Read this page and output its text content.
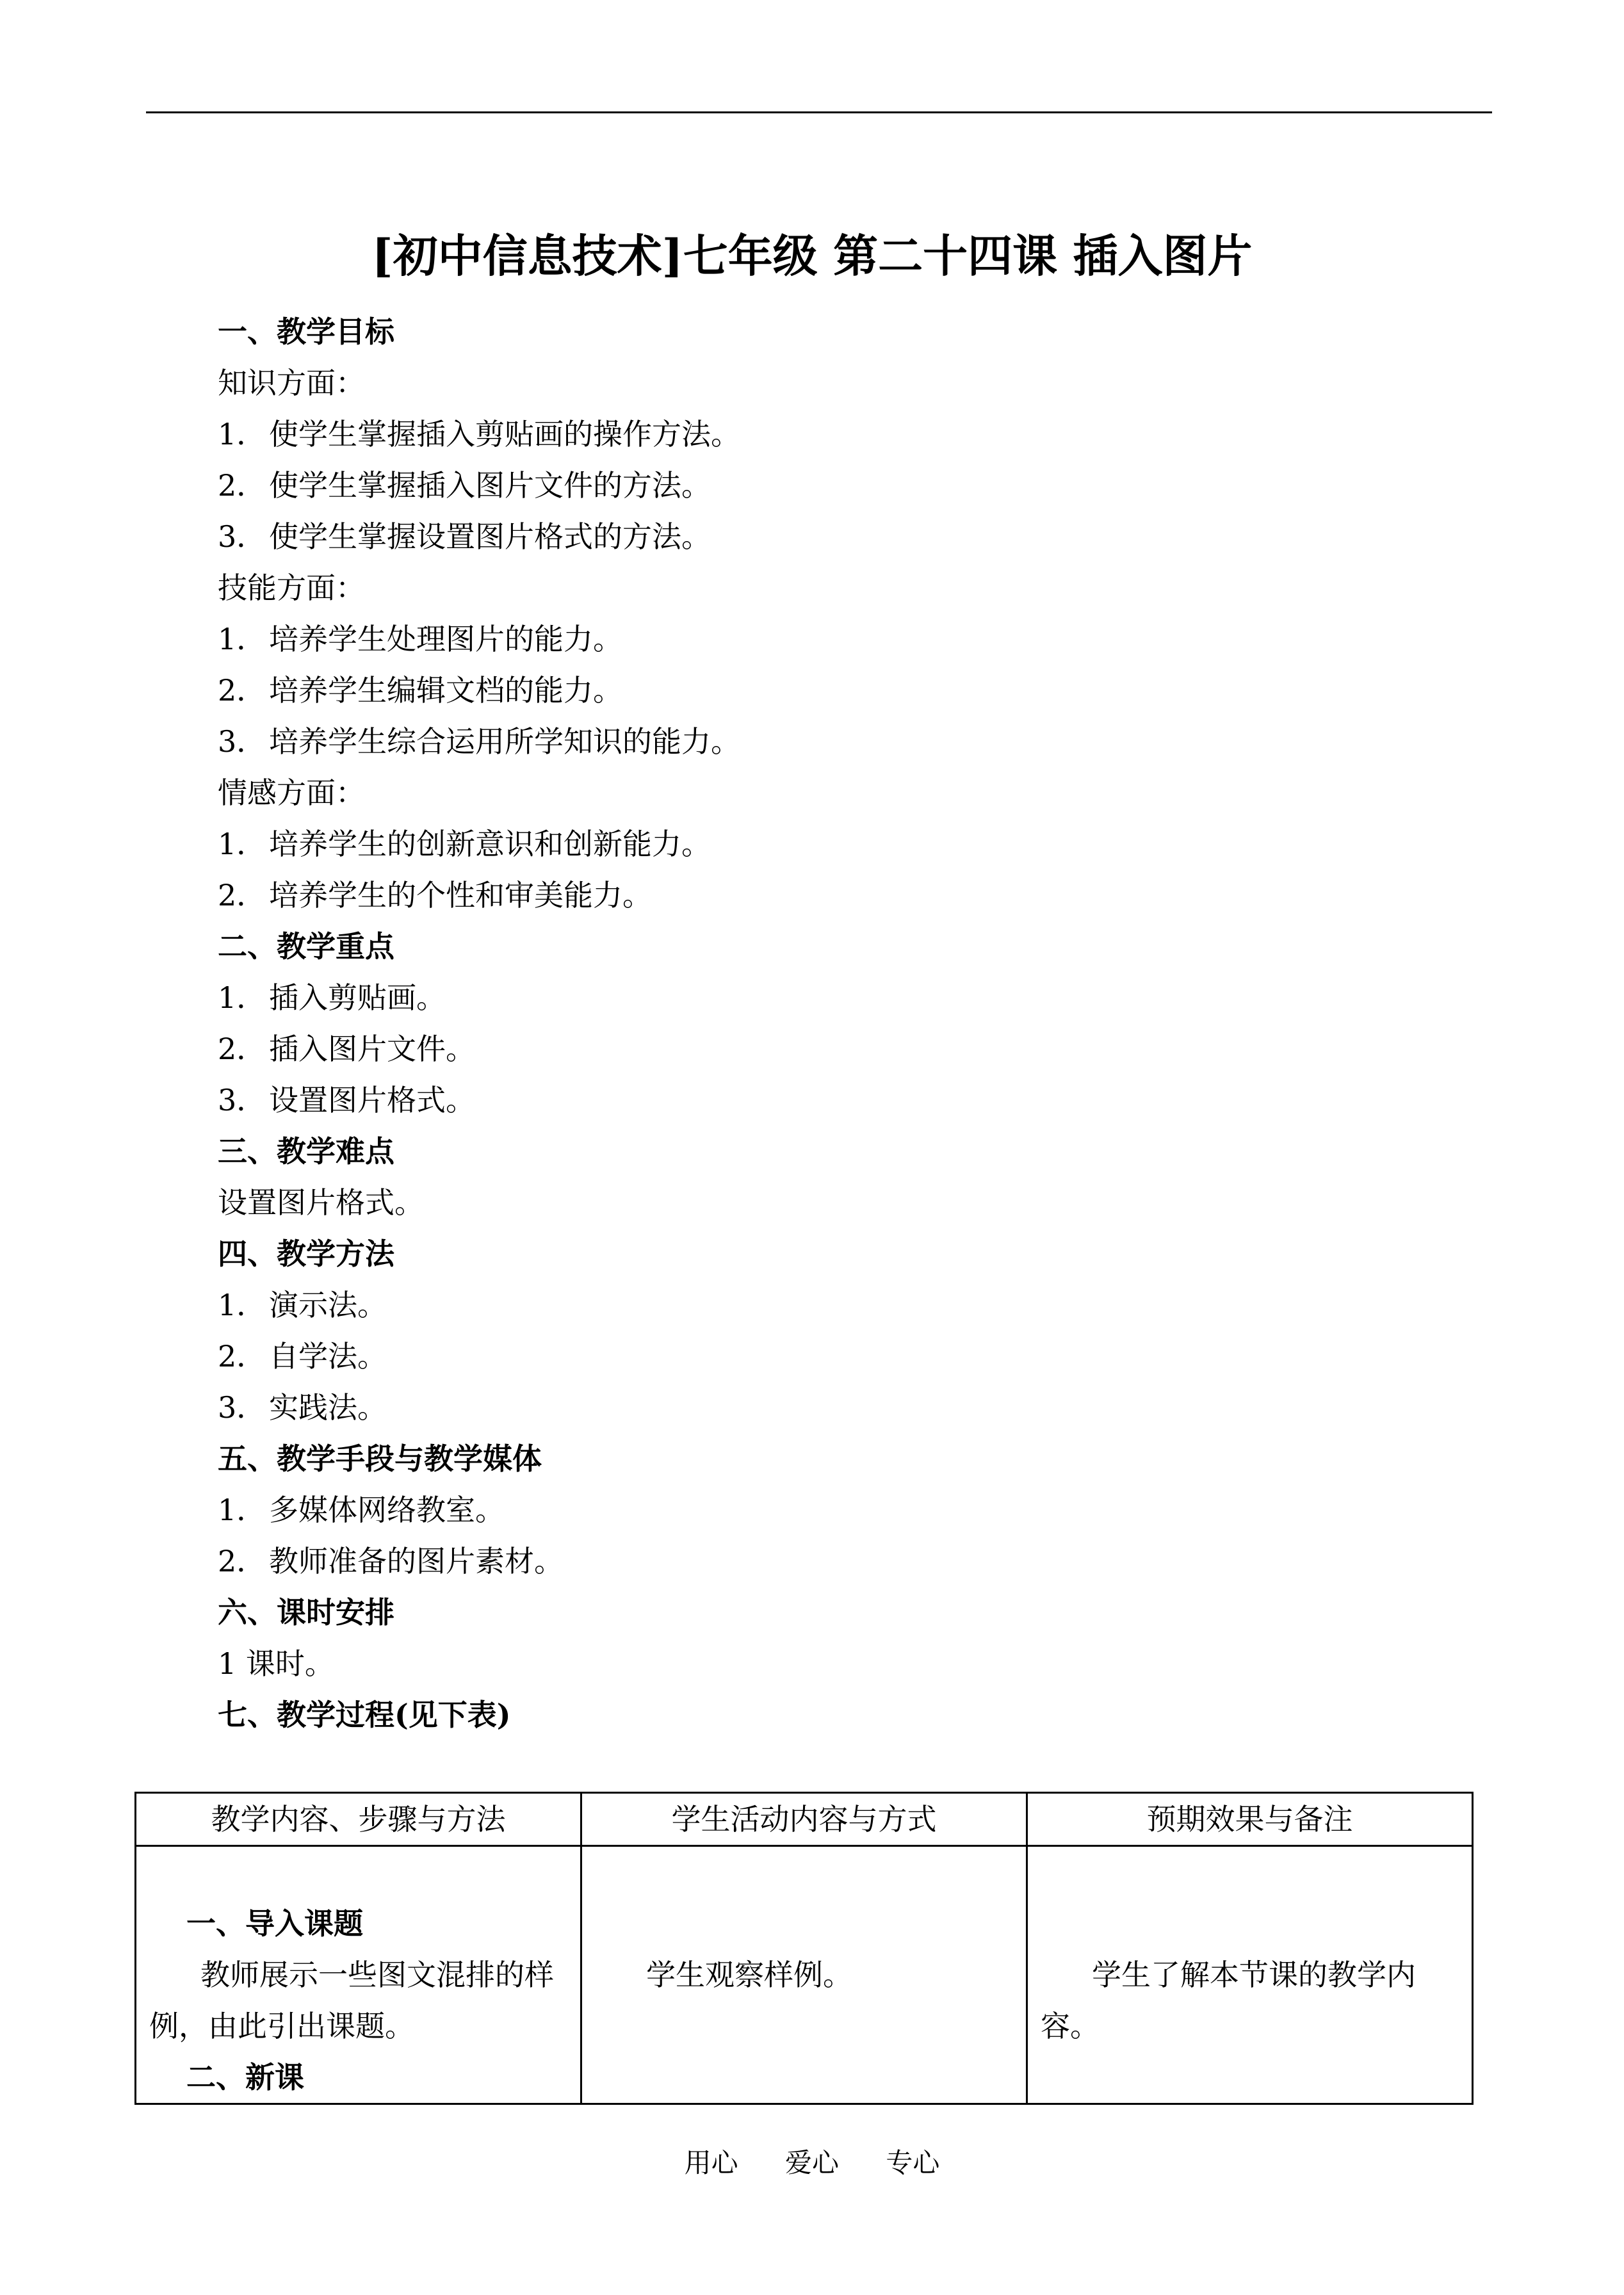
[初中信息技术]七年级 第二十四课 插入图片
一、教学目标
知识方面：
1． 使学生掌握插入剪贴画的操作方法。
2． 使学生掌握插入图片文件的方法。
3． 使学生掌握设置图片格式的方法。
技能方面：
1． 培养学生处理图片的能力。
2． 培养学生编辑文档的能力。
3． 培养学生综合运用所学知识的能力。
情感方面：
1． 培养学生的创新意识和创新能力。
2． 培养学生的个性和审美能力。
二、教学重点
1． 插入剪贴画。
2． 插入图片文件。
3． 设置图片格式。
三、教学难点
设置图片格式。
四、教学方法
1． 演示法。
2． 自学法。
3． 实践法。
五、教学手段与教学媒体
1． 多媒体网络教室。
2． 教师准备的图片素材。
六、课时安排
1 课时。
七、教学过程(见下表)
教学内容、步骤与方法	学生活动内容与方式	预期效果与备注

一、导入课题
教师展示一些图文混排的样例，由此引出课题。
二、新课	学生观察样例。	学生了解本节课的教学内容。
用心 爱心 专心
